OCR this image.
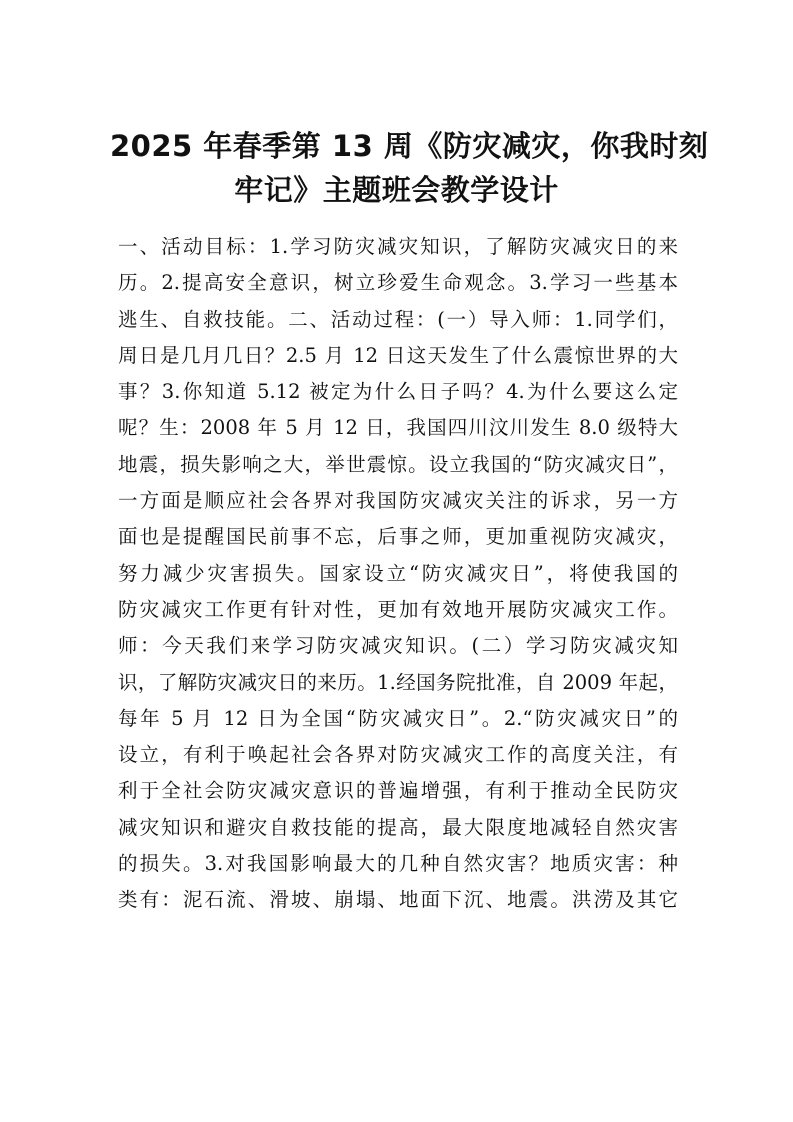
2025 年春季第 13 周《防灾减灾，你我时刻
牢记》主题班会教学设计
一、活动目标：1.学习防灾减灾知识，了解防灾减灾日的来
历。2.提高安全意识，树立珍爱生命观念。3.学习一些基本
逃生、自救技能。二、活动过程：(一）导入师：1.同学们，
周日是几月几日？2.5 月 12 日这天发生了什么震惊世界的大
事？3.你知道 5.12 被定为什么日子吗？4.为什么要这么定
呢？生：2008 年 5 月 12 日，我国四川汶川发生 8.0 级特大
地震，损失影响之大，举世震惊。设立我国的“防灾减灾日”，
一方面是顺应社会各界对我国防灾减灾关注的诉求，另一方
面也是提醒国民前事不忘，后事之师，更加重视防灾减灾，
努力减少灾害损失。国家设立“防灾减灾日”，将使我国的
防灾减灾工作更有针对性，更加有效地开展防灾减灾工作。
师：今天我们来学习防灾减灾知识。(二）学习防灾减灾知
识，了解防灾减灾日的来历。1.经国务院批准，自 2009 年起，
每年 5 月 12 日为全国“防灾减灾日”。2.“防灾减灾日”的
设立，有利于唤起社会各界对防灾减灾工作的高度关注，有
利于全社会防灾减灾意识的普遍增强，有利于推动全民防灾
减灾知识和避灾自救技能的提高，最大限度地减轻自然灾害
的损失。3.对我国影响最大的几种自然灾害？地质灾害：种
类有：泥石流、滑坡、崩塌、地面下沉、地震。洪涝及其它
